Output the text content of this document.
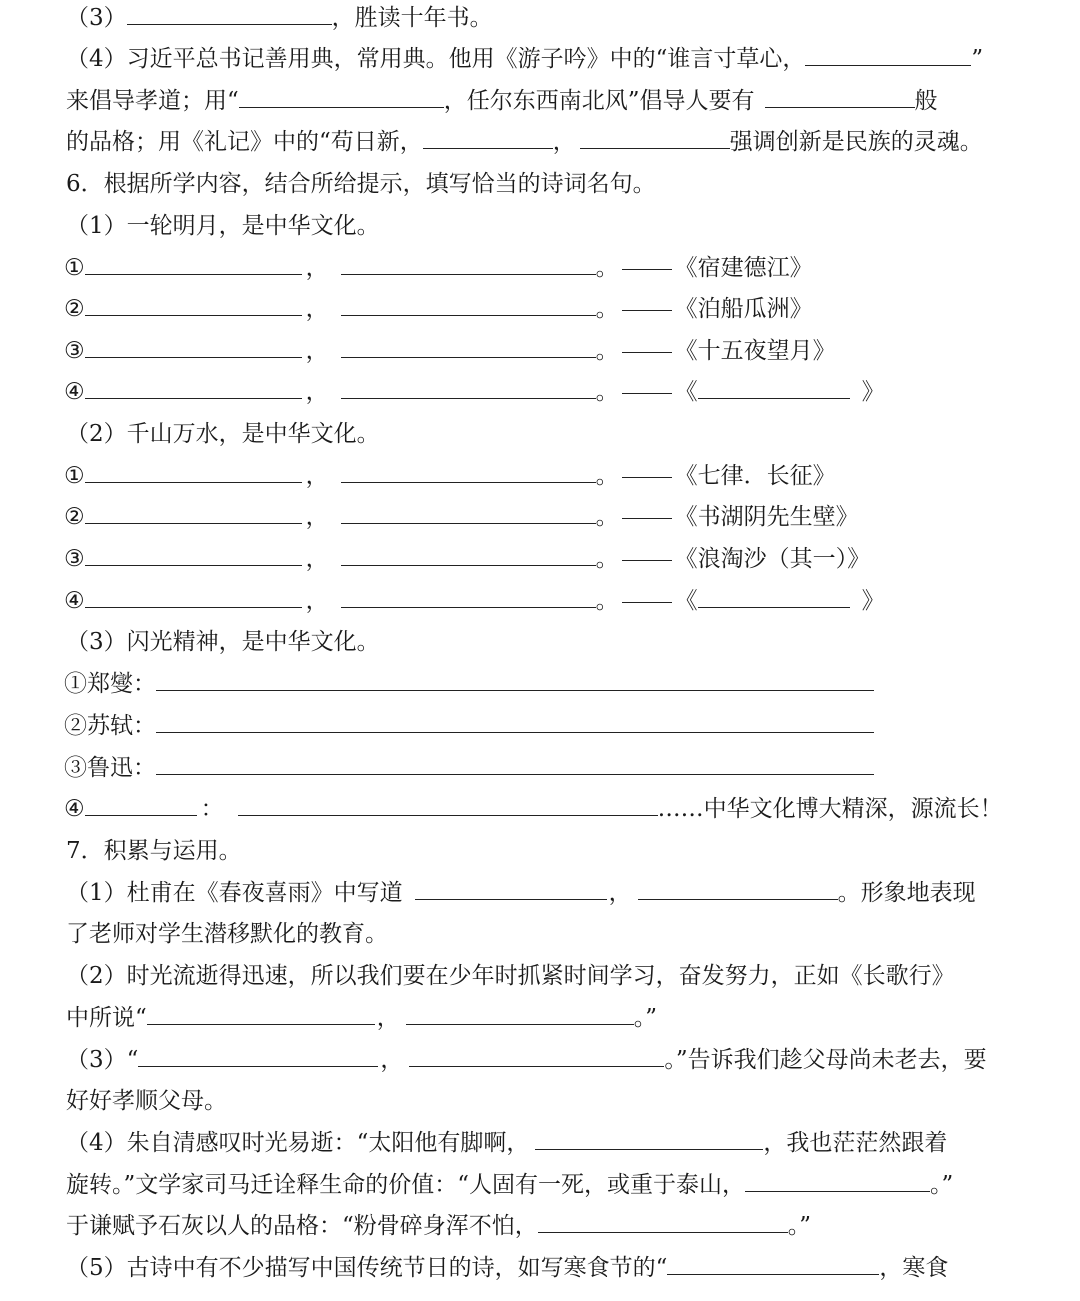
（3）	，胜读十年书。
（4）习近平总书记善用典，常用典。他用《游子吟》中的“谁言寸草心，	”
来倡导孝道；用“	，任尔东西南北风”倡导人要有	般
的品格；用《礼记》中的“苟日新，	，	强调创新是民族的灵魂。
6．根据所学内容，结合所给提示，填写恰当的诗词名句。
（1）一轮明月，是中华文化。
①	，	。 《宿建德江》
②	，	。 《泊船瓜洲》
③	，	。 《十五夜望月》
④	，	。 《	》
（2）千山万水，是中华文化。
①	，	。 《七律．长征》
②	，	。 《书湖阴先生壁》
③	，	。 《浪淘沙（其一）》
④	，	。 《	》
（3）闪光精神，是中华文化。
①郑燮：
②苏轼：
③鲁迅：
④	：	……中华文化博大精深，源流长！
7．积累与运用。
（1）杜甫在《春夜喜雨》中写道	，	。形象地表现
了老师对学生潜移默化的教育。
（2）时光流逝得迅速，所以我们要在少年时抓紧时间学习，奋发努力，正如《长歌行》
中所说“	，	。”
（3）“	，	。”告诉我们趁父母尚未老去，要
好好孝顺父母。
（4）朱自清感叹时光易逝：“太阳他有脚啊，	，我也茫茫然跟着
旋转。”文学家司马迁诠释生命的价值：“人固有一死，或重于泰山，	。”
于谦赋予石灰以人的品格：“粉骨碎身浑不怕，	。”
（5）古诗中有不少描写中国传统节日的诗，如写寒食节的“	，寒食
